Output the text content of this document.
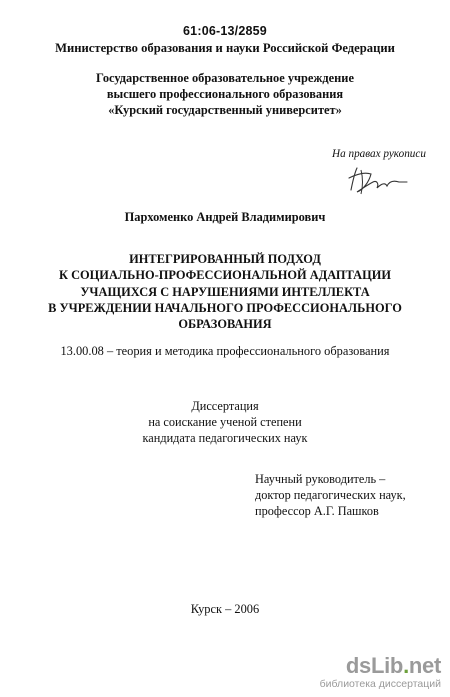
61:06-13/2859
Министерство образования и науки Российской Федерации
Государственное образовательное учреждение
высшего профессионального образования
«Курский государственный университет»
На правах рукописи
Пархоменко Андрей Владимирович
ИНТЕГРИРОВАННЫЙ ПОДХОД
К СОЦИАЛЬНО-ПРОФЕССИОНАЛЬНОЙ АДАПТАЦИИ
УЧАЩИХСЯ С НАРУШЕНИЯМИ ИНТЕЛЛЕКТА
В УЧРЕЖДЕНИИ НАЧАЛЬНОГО ПРОФЕССИОНАЛЬНОГО
ОБРАЗОВАНИЯ
13.00.08 – теория и методика профессионального образования
Диссертация
на соискание ученой степени
кандидата педагогических наук
Научный руководитель –
доктор педагогических наук,
профессор А.Г. Пашков
Курск – 2006
dsLib.net
библиотека диссертаций
